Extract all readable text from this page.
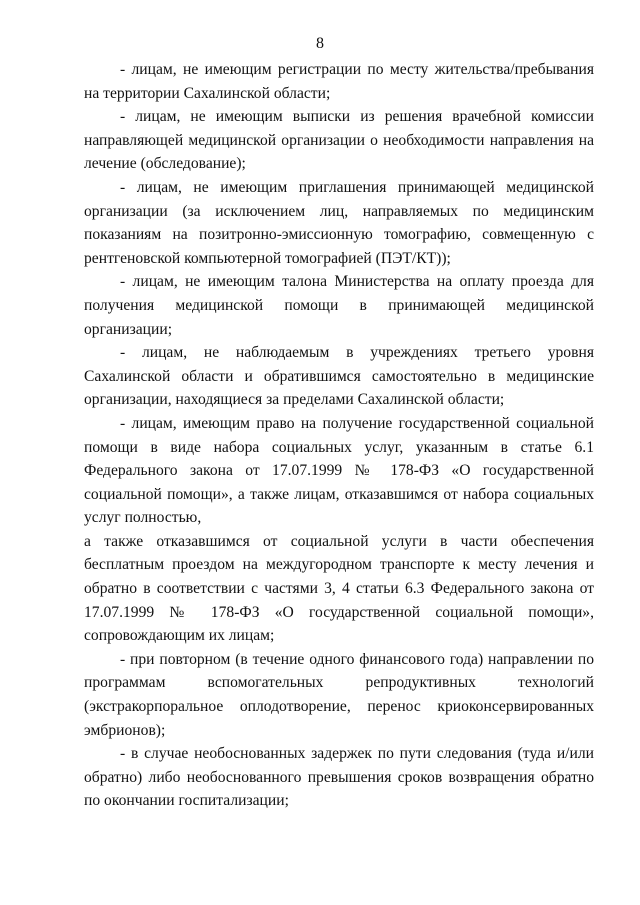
8

- лицам, не имеющим регистрации по месту жительства/пребывания на территории Сахалинской области;

- лицам, не имеющим выписки из решения врачебной комиссии направляющей медицинской организации о необходимости направления на лечение (обследование);

- лицам, не имеющим приглашения принимающей медицинской организации (за исключением лиц, направляемых по медицинским показаниям на позитронно-эмиссионную томографию, совмещенную с рентгеновской компьютерной томографией (ПЭТ/КТ));

- лицам, не имеющим талона Министерства на оплату проезда для получения медицинской помощи в принимающей медицинской организации;

- лицам, не наблюдаемым в учреждениях третьего уровня Сахалинской области и обратившимся самостоятельно в медицинские организации, находящиеся за пределами Сахалинской области;

- лицам, имеющим право на получение государственной социальной помощи в виде набора социальных услуг, указанным в статье 6.1 Федерального закона от 17.07.1999 № 178-ФЗ «О государственной социальной помощи», а также лицам, отказавшимся от набора социальных услуг полностью,

а также отказавшимся от социальной услуги в части обеспечения бесплатным проездом на междугородном транспорте к месту лечения и обратно в соответствии с частями 3, 4 статьи 6.3 Федерального закона от 17.07.1999 № 178-ФЗ «О государственной социальной помощи», сопровождающим их лицам;

- при повторном (в течение одного финансового года) направлении по программам вспомогательных репродуктивных технологий (экстракорпоральное оплодотворение, перенос криоконсервированных эмбрионов);

- в случае необоснованных задержек по пути следования (туда и/или обратно) либо необоснованного превышения сроков возвращения обратно по окончании госпитализации;
